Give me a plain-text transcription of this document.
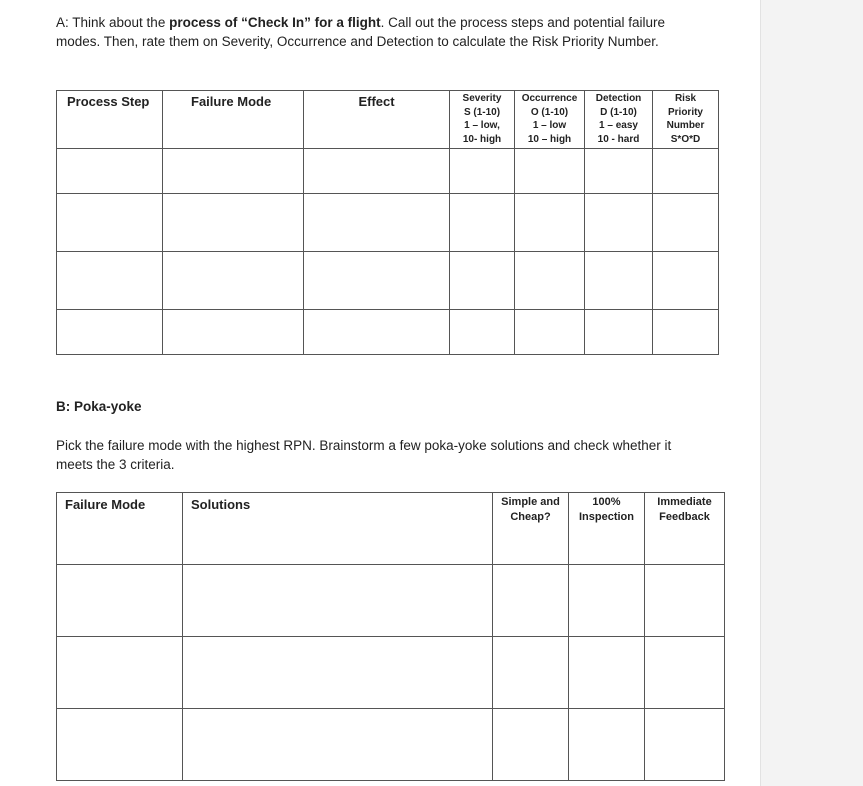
A: Think about the process of “Check In” for a flight. Call out the process steps and potential failure modes. Then, rate them on Severity, Occurrence and Detection to calculate the Risk Priority Number.
Process Step	Failure Mode	Effect	Severity
S (1-10)
1 – low,
10- high	Occurrence
O (1-10)
1 – low
10 – high	Detection
D (1-10)
1 – easy
10 - hard	Risk
Priority
Number
S*O*D

B: Poka-yoke
Pick the failure mode with the highest RPN. Brainstorm a few poka-yoke solutions and check whether it meets the 3 criteria.
Failure Mode	Solutions	Simple and
Cheap?	100%
Inspection	Immediate
Feedback
